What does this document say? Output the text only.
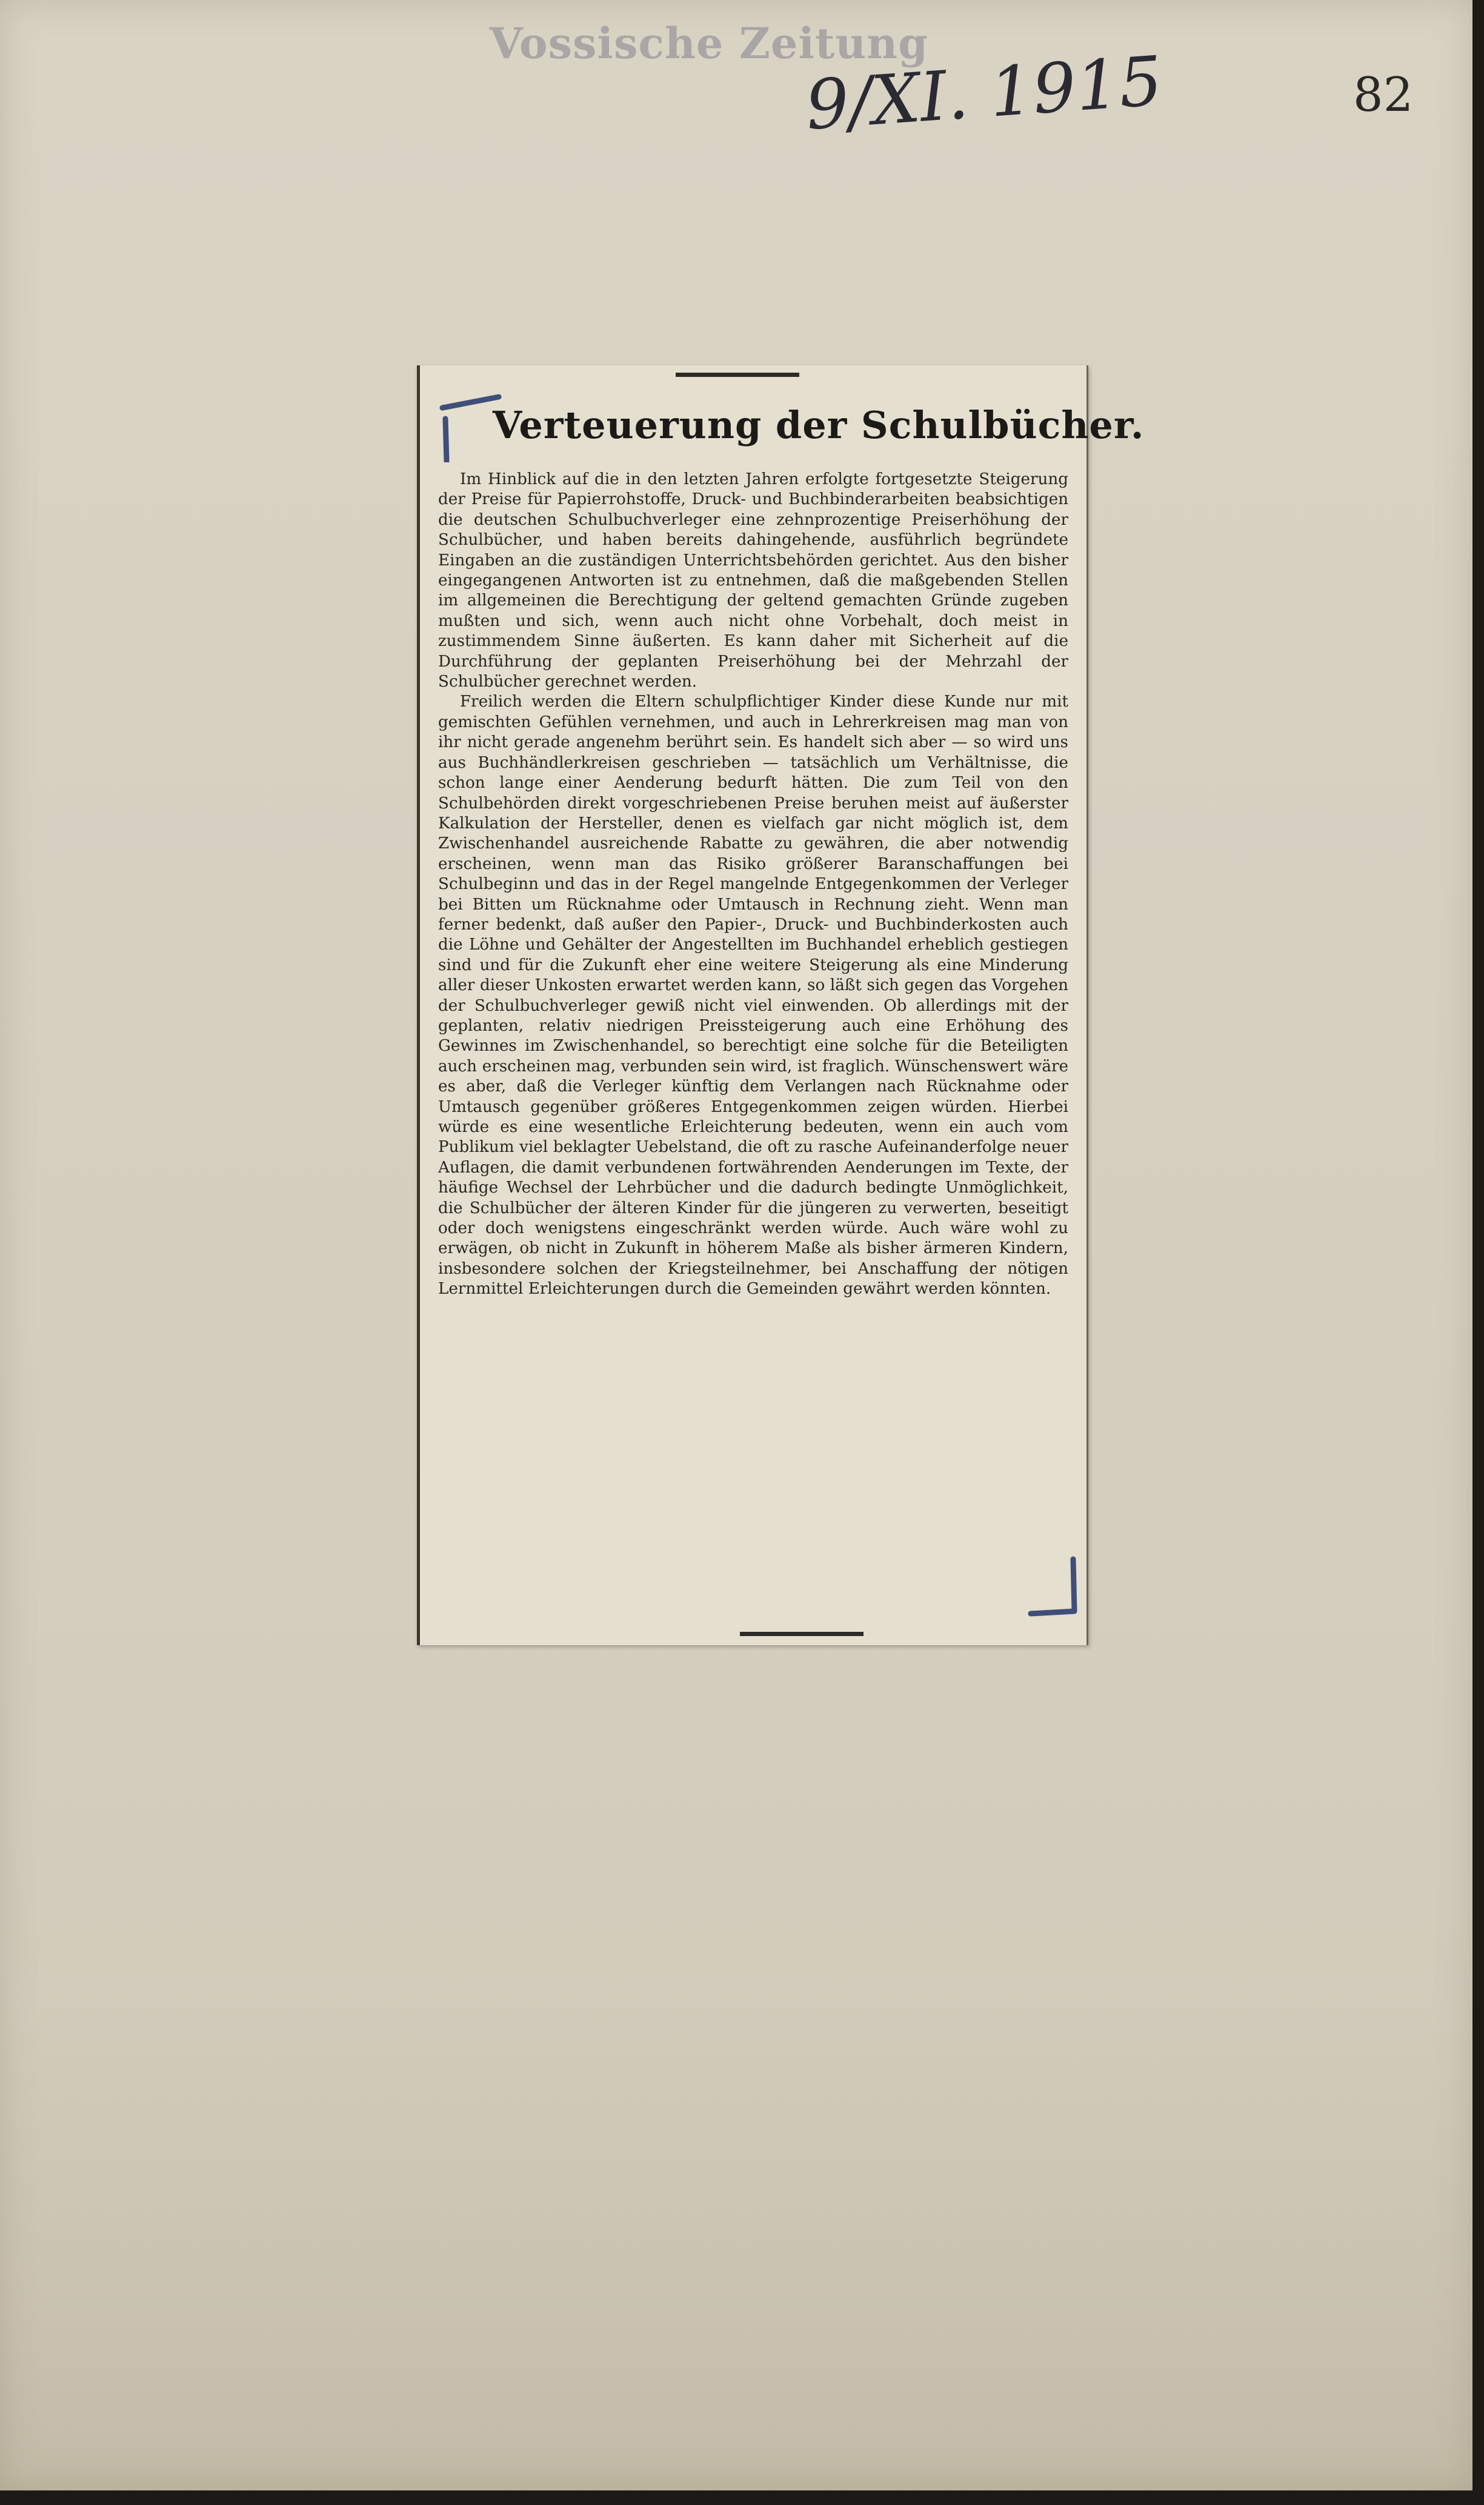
Vossische Zeitung
9/XI. 1915	82
Verteuerung der Schulbücher.

Im Hinblick auf die in den letzten Jahren erfolgte fortgesetzte Steigerung der Preise für Papierrohstoffe, Druck- und Buchbinderarbeiten beabsichtigen die deutschen Schulbuchverleger eine zehnprozentige Preiserhöhung der Schulbücher, und haben bereits dahingehende, ausführlich begründete Eingaben an die zuständigen Unterrichtsbehörden gerichtet. Aus den bisher eingegangenen Antworten ist zu entnehmen, daß die maßgebenden Stellen im allgemeinen die Berechtigung der geltend gemachten Gründe zugeben mußten und sich, wenn auch nicht ohne Vorbehalt, doch meist in zustimmendem Sinne äußerten. Es kann daher mit Sicherheit auf die Durchführung der geplanten Preiserhöhung bei der Mehrzahl der Schulbücher gerechnet werden.

Freilich werden die Eltern schulpflichtiger Kinder diese Kunde nur mit gemischten Gefühlen vernehmen, und auch in Lehrerkreisen mag man von ihr nicht gerade angenehm berührt sein. Es handelt sich aber — so wird uns aus Buchhändlerkreisen geschrieben — tatsächlich um Verhältnisse, die schon lange einer Aenderung bedurft hätten. Die zum Teil von den Schulbehörden direkt vorgeschriebenen Preise beruhen meist auf äußerster Kalkulation der Hersteller, denen es vielfach gar nicht möglich ist, dem Zwischenhandel ausreichende Rabatte zu gewähren, die aber notwendig erscheinen, wenn man das Risiko größerer Baranschaffungen bei Schulbeginn und das in der Regel mangelnde Entgegenkommen der Verleger bei Bitten um Rücknahme oder Umtausch in Rechnung zieht. Wenn man ferner bedenkt, daß außer den Papier-, Druck- und Buchbinderkosten auch die Löhne und Gehälter der Angestellten im Buchhandel erheblich gestiegen sind und für die Zukunft eher eine weitere Steigerung als eine Minderung aller dieser Unkosten erwartet werden kann, so läßt sich gegen das Vorgehen der Schulbuchverleger gewiß nicht viel einwenden. Ob allerdings mit der geplanten, relativ niedrigen Preissteigerung auch eine Erhöhung des Gewinnes im Zwischenhandel, so berechtigt eine solche für die Beteiligten auch erscheinen mag, verbunden sein wird, ist fraglich. Wünschenswert wäre es aber, daß die Verleger künftig dem Verlangen nach Rücknahme oder Umtausch gegenüber größeres Entgegenkommen zeigen würden. Hierbei würde es eine wesentliche Erleichterung bedeuten, wenn ein auch vom Publikum viel beklagter Uebelstand, die oft zu rasche Aufeinanderfolge neuer Auflagen, die damit verbundenen fortwährenden Aenderungen im Texte, der häufige Wechsel der Lehrbücher und die dadurch bedingte Unmöglichkeit, die Schulbücher der älteren Kinder für die jüngeren zu verwerten, beseitigt oder doch wenigstens eingeschränkt werden würde. Auch wäre wohl zu erwägen, ob nicht in Zukunft in höherem Maße als bisher ärmeren Kindern, insbesondere solchen der Kriegsteilnehmer, bei Anschaffung der nötigen Lernmittel Erleichterungen durch die Gemeinden gewährt werden könnten.
